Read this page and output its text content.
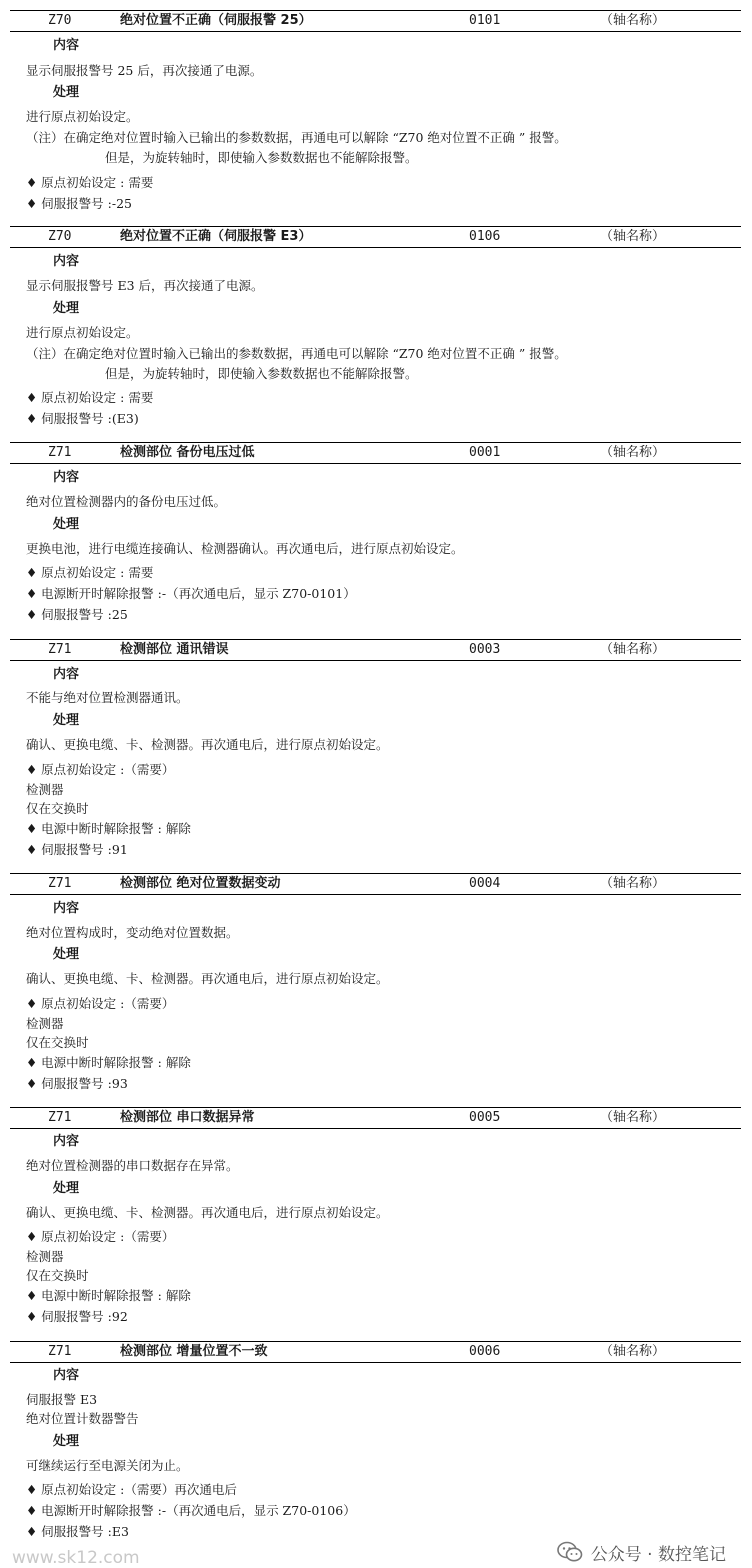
Z70	绝对位置不正确（伺服报警 25）	0101	（轴名称）
内容
显示伺服报警号 25 后，再次接通了电源。
处理
进行原点初始设定。
（注）在确定绝对位置时输入已输出的参数数据，再通电可以解除 “Z70 绝对位置不正确 ” 报警。
但是，为旋转轴时，即使输入参数数据也不能解除报警。
♦ 原点初始设定 : 需要
♦ 伺服报警号 :-25
Z70	绝对位置不正确（伺服报警 E3）	0106	（轴名称）
内容
显示伺服报警号 E3 后，再次接通了电源。
处理
进行原点初始设定。
（注）在确定绝对位置时输入已输出的参数数据，再通电可以解除 “Z70 绝对位置不正确 ” 报警。
但是，为旋转轴时，即使输入参数数据也不能解除报警。
♦ 原点初始设定 : 需要
♦ 伺服报警号 :(E3)
Z71	检测部位 备份电压过低	0001	（轴名称）
内容
绝对位置检测器内的备份电压过低。
处理
更换电池，进行电缆连接确认、检测器确认。再次通电后，进行原点初始设定。
♦ 原点初始设定 : 需要
♦ 电源断开时解除报警 :-（再次通电后，显示 Z70-0101）
♦ 伺服报警号 :25
Z71	检测部位 通讯错误	0003	（轴名称）
内容
不能与绝对位置检测器通讯。
处理
确认、更换电缆、卡、检测器。再次通电后，进行原点初始设定。
♦ 原点初始设定 :（需要）
检测器
仅在交换时
♦ 电源中断时解除报警 : 解除
♦ 伺服报警号 :91
Z71	检测部位 绝对位置数据变动	0004	（轴名称）
内容
绝对位置构成时，变动绝对位置数据。
处理
确认、更换电缆、卡、检测器。再次通电后，进行原点初始设定。
♦ 原点初始设定 :（需要）
检测器
仅在交换时
♦ 电源中断时解除报警 : 解除
♦ 伺服报警号 :93
Z71	检测部位 串口数据异常	0005	（轴名称）
内容
绝对位置检测器的串口数据存在异常。
处理
确认、更换电缆、卡、检测器。再次通电后，进行原点初始设定。
♦ 原点初始设定 :（需要）
检测器
仅在交换时
♦ 电源中断时解除报警 : 解除
♦ 伺服报警号 :92
Z71	检测部位 增量位置不一致	0006	（轴名称）
内容
伺服报警 E3
绝对位置计数器警告
处理
可继续运行至电源关闭为止。
♦ 原点初始设定 :（需要）再次通电后
♦ 电源断开时解除报警 :-（再次通电后，显示 Z70-0106）
♦ 伺服报警号 :E3
www.sk12.com	公众号 · 数控笔记
